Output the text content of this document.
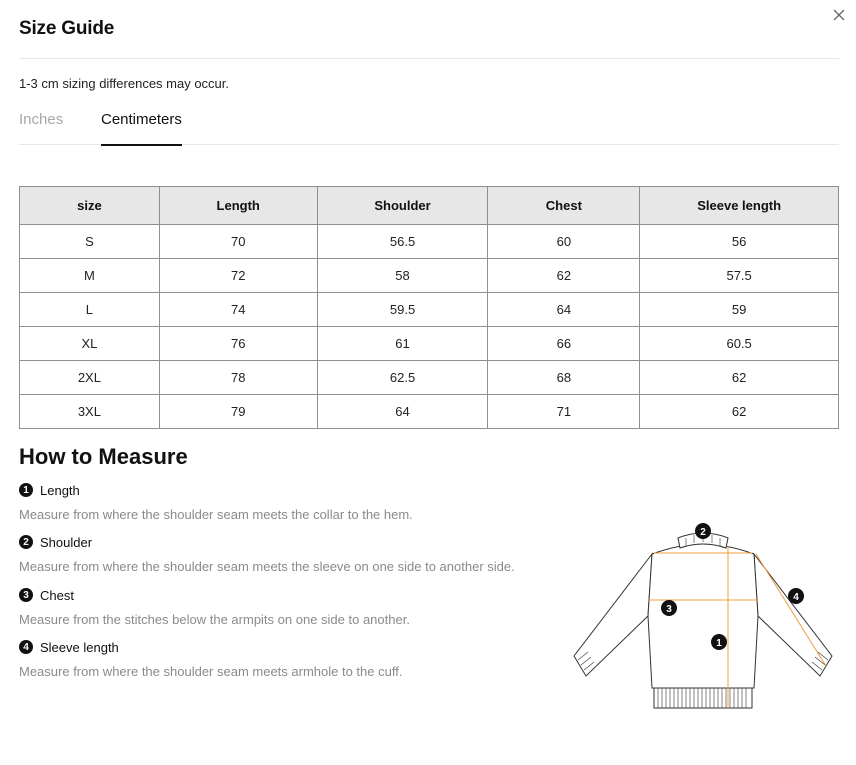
Size Guide
1-3 cm sizing differences may occur.
Inches	Centimeters
size	Length	Shoulder	Chest	Sleeve length
S	70	56.5	60	56
M	72	58	62	57.5
L	74	59.5	64	59
XL	76	61	66	60.5
2XL	78	62.5	68	62
3XL	79	64	71	62
How to Measure
1 Length
Measure from where the shoulder seam meets the collar to the hem.
2 Shoulder
Measure from where the shoulder seam meets the sleeve on one side to another side.
3 Chest
Measure from the stitches below the armpits on one side to another.
4 Sleeve length
Measure from where the shoulder seam meets armhole to the cuff.
2
3
1
4
